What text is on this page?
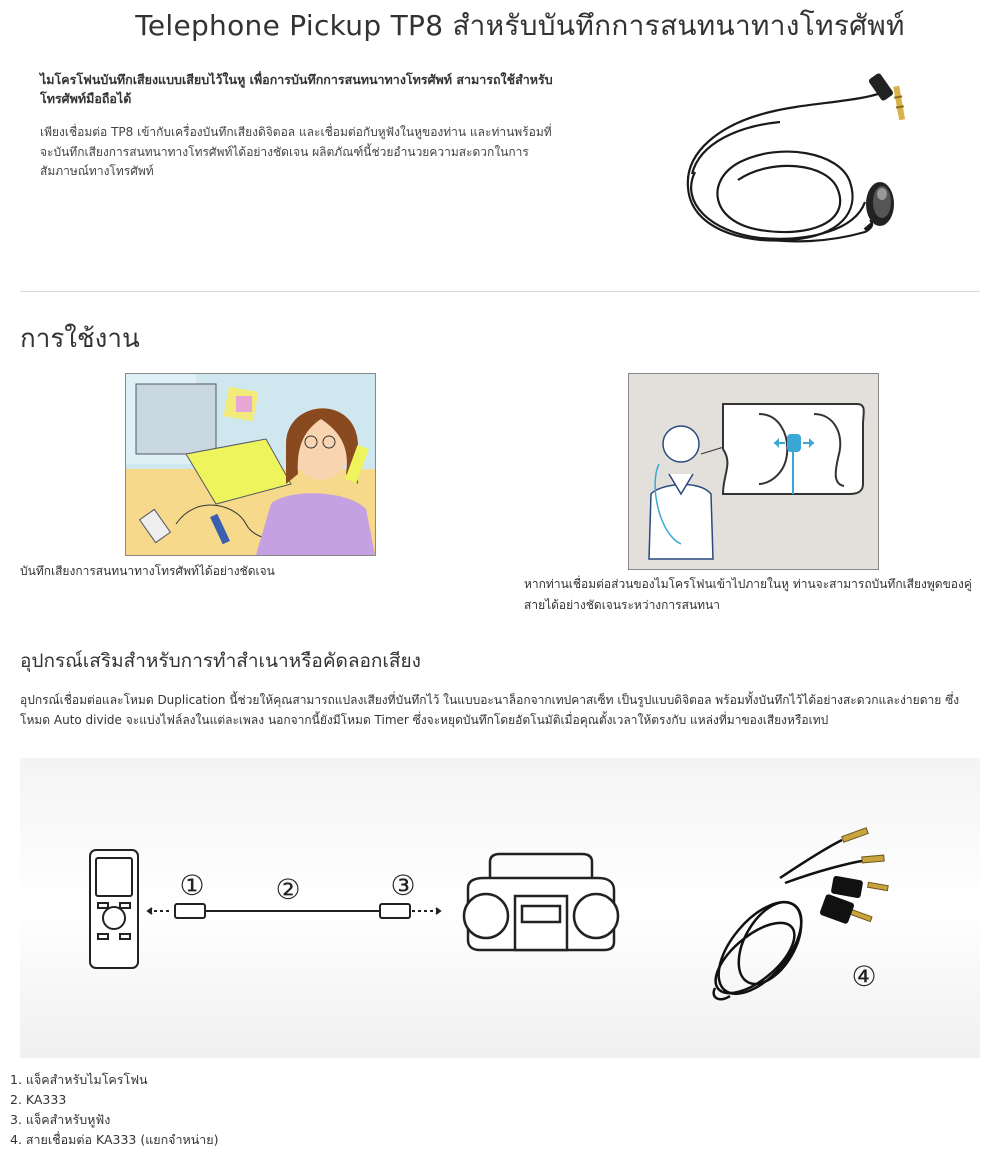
Telephone Pickup TP8 สำหรับบันทึกการสนทนาทางโทรศัพท์
ไมโครโฟนบันทึกเสียงแบบเสียบไว้ในหู เพื่อการบันทึกการสนทนาทางโทรศัพท์ สามารถใช้สำหรับโทรศัพท์มือถือได้
เพียงเชื่อมต่อ TP8 เข้ากับเครื่องบันทึกเสียงดิจิตอล และเชื่อมต่อกับหูฟังในหูของท่าน และท่านพร้อมที่จะบันทึกเสียงการสนทนาทางโทรศัพท์ได้อย่างชัดเจน ผลิตภัณฑ์นี้ช่วยอำนวยความสะดวกในการสัมภาษณ์ทางโทรศัพท์
การใช้งาน
บันทึกเสียงการสนทนาทางโทรศัพท์ได้อย่างชัดเจน
หากท่านเชื่อมต่อส่วนของไมโครโฟนเข้าไปภายในหู ท่านจะสามารถบันทึกเสียงพูดของคู่สายได้อย่างชัดเจนระหว่างการสนทนา
อุปกรณ์เสริมสำหรับการทำสำเนาหรือคัดลอกเสียง
อุปกรณ์เชื่อมต่อและโหมด Duplication นี้ช่วยให้คุณสามารถแปลงเสียงที่บันทึกไว้ ในแบบอะนาล็อกจากเทปคาสเซ็ท เป็นรูปแบบดิจิตอล พร้อมทั้งบันทึกไว้ได้อย่างสะดวกและง่ายดาย ซึ่งโหมด Auto divide จะแบ่งไฟล์ลงในแต่ละเพลง นอกจากนี้ยังมีโหมด Timer ซึ่งจะหยุดบันทึกโดยอัตโนมัติเมื่อคุณตั้งเวลาให้ตรงกับ แหล่งที่มาของเสียงหรือเทป
①	②	③
④
1. แจ็คสำหรับไมโครโฟน
2. KA333
3. แจ็คสำหรับหูฟัง
4. สายเชื่อมต่อ KA333 (แยกจำหน่าย)
